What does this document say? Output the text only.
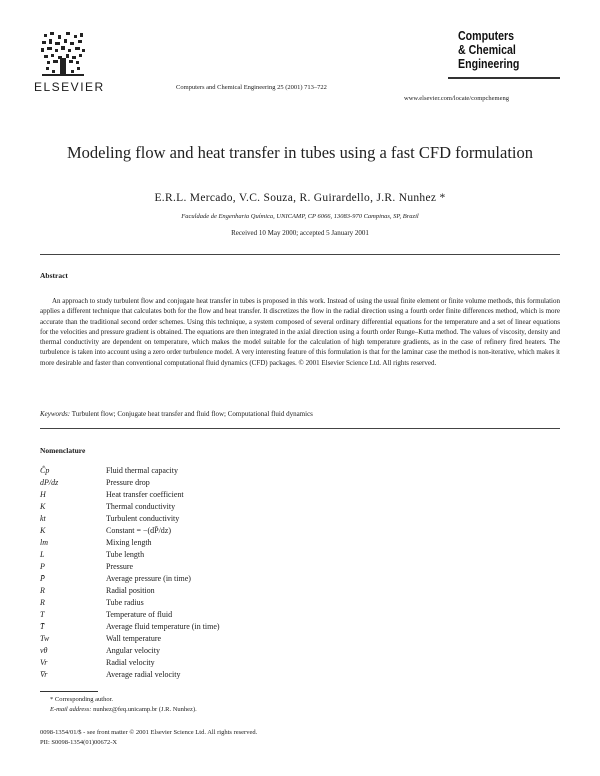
ELSEVIER	Computers and Chemical Engineering 25 (2001) 713–722
Computers
& Chemical
Engineering
www.elsevier.com/locate/compchemeng
Modeling flow and heat transfer in tubes using a fast CFD formulation
E.R.L. Mercado, V.C. Souza, R. Guirardello, J.R. Nunhez *
Faculdade de Engenharia Química, UNICAMP, CP 6066, 13083-970 Campinas, SP, Brazil
Received 10 May 2000; accepted 5 January 2001
Abstract
An approach to study turbulent flow and conjugate heat transfer in tubes is proposed in this work. Instead of using the usual finite element or finite volume methods, this formulation applies a different technique that calculates both for the flow and heat transfer. It discretizes the flow in the radial direction using a fourth order finite differences method, which is more accurate than the traditional second order schemes. Using this technique, a system composed of several ordinary differential equations for the temperature and a set of linear equations for the velocities and pressure gradient is obtained. The equations are then integrated in the axial direction using a fourth order Runge–Kutta method. The values of viscosity, density and thermal conductivity are dependent on temperature, which makes the model suitable for the calculation of high temperature gradients, as in the case of refinery fired heaters. The turbulence is taken into account using a zero order turbulence model. A very interesting feature of this formulation is that for the laminar case the method is non-iterative, which makes it more desirable and faster than conventional computational fluid dynamics (CFD) packages. © 2001 Elsevier Science Ltd. All rights reserved.
Keywords: Turbulent flow; Conjugate heat transfer and fluid flow; Computational fluid dynamics
Nomenclature
Ĉp	Fluid thermal capacity
dP/dz	Pressure drop
H	Heat transfer coefficient
K	Thermal conductivity
kt	Turbulent conductivity
K	Constant = −(dP̄/dz)
lm	Mixing length
L	Tube length
P	Pressure
P̄	Average pressure (in time)
R	Radial position
R	Tube radius
T	Temperature of fluid
T̄	Average fluid temperature (in time)
Tw	Wall temperature
vθ	Angular velocity
Vr	Radial velocity
V̄r	Average radial velocity
* Corresponding author.
E-mail address: nunhez@feq.unicamp.br (J.R. Nunhez).
0098-1354/01/$ - see front matter © 2001 Elsevier Science Ltd. All rights reserved.
PII: S0098-1354(01)00672-X
